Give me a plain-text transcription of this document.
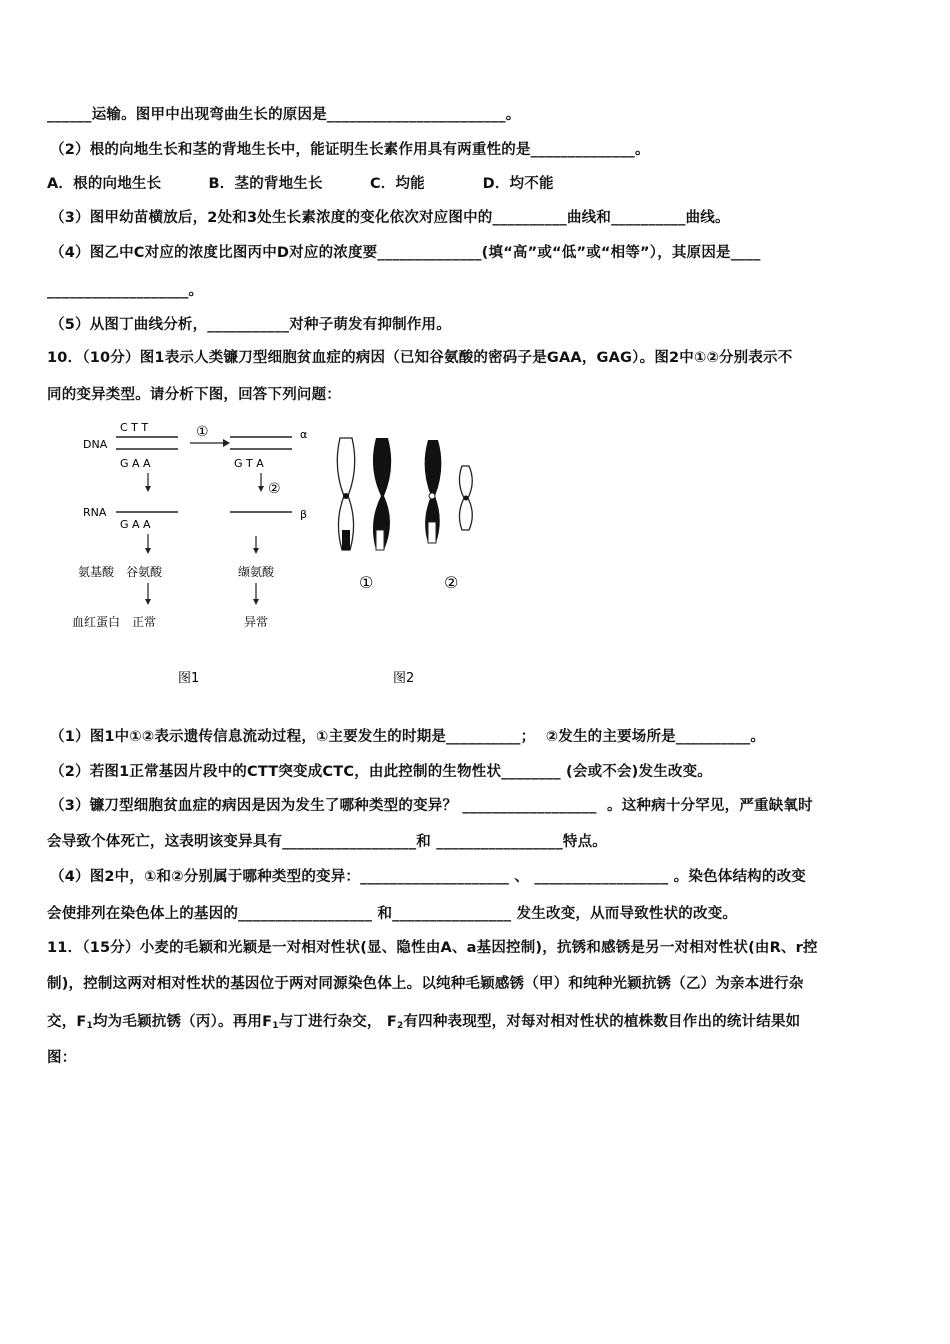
______运输。图甲中出现弯曲生长的原因是________________________。
（2）根的向地生长和茎的背地生长中，能证明生长素作用具有两重性的是______________。
A．根的向地生长         B．茎的背地生长         C．均能           D．均不能
（3）图甲幼苗横放后，2处和3处生长素浓度的变化依次对应图中的__________曲线和__________曲线。
（4）图乙中C对应的浓度比图丙中D对应的浓度要______________(填“高”或“低”或“相等”），其原因是____
___________________。
（5）从图丁曲线分析，___________对种子萌发有抑制作用。
10．（10分）图1表示人类镰刀型细胞贫血症的病因（已知谷氨酸的密码子是GAA，GAG）。图2中①②分别表示不
同的变异类型。请分析下图，回答下列问题：
DNA
C T T
G A A
①	α
G T A
②
RNA
G A A
β
氨基酸 谷氨酸	缬氨酸
血红蛋白 正常	异常
图1
①	②
图2
（1）图1中①②表示遗传信息流动过程，①主要发生的时期是__________；  ②发生的主要场所是__________。
（2）若图1正常基因片段中的CTT突变成CTC，由此控制的生物性状________ (会或不会)发生改变。
（3）镰刀型细胞贫血症的病因是因为发生了哪种类型的变异？ __________________  。这种病十分罕见，严重缺氧时
会导致个体死亡，这表明该变异具有__________________和 _________________特点。
（4）图2中，①和②分别属于哪种类型的变异：____________________ 、 __________________ 。染色体结构的改变
会使排列在染色体上的基因的__________________ 和________________ 发生改变，从而导致性状的改变。
11．（15分）小麦的毛颖和光颖是一对相对性状(显、隐性由A、a基因控制)，抗锈和感锈是另一对相对性状(由R、r控
制)，控制这两对相对性状的基因位于两对同源染色体上。以纯种毛颖感锈（甲）和纯种光颖抗锈（乙）为亲本进行杂
交，$F_1$均为毛颖抗锈（丙）。再用$F_1$与丁进行杂交， $F_2$有四种表现型，对每对相对性状的植株数目作出的统计结果如
图：
